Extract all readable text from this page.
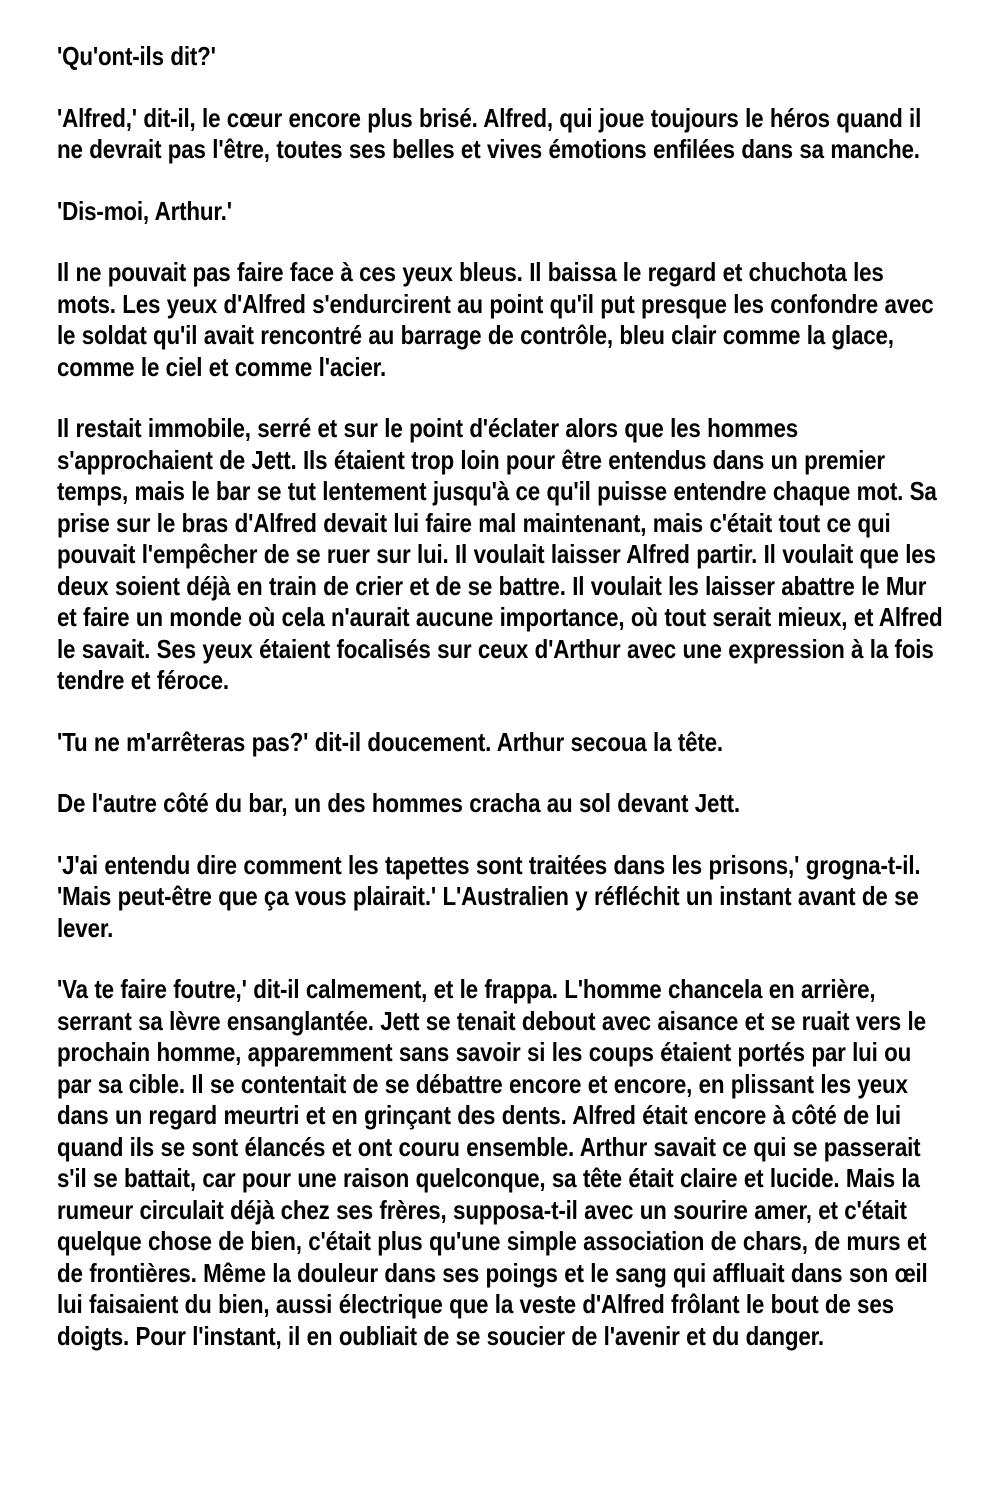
'Qu'ont-ils dit?'

'Alfred,' dit-il, le cœur encore plus brisé. Alfred, qui joue toujours le héros quand il ne devrait pas l'être, toutes ses belles et vives émotions enfilées dans sa manche.

'Dis-moi, Arthur.'

Il ne pouvait pas faire face à ces yeux bleus. Il baissa le regard et chuchota les mots. Les yeux d'Alfred s'endurcirent au point qu'il put presque les confondre avec le soldat qu'il avait rencontré au barrage de contrôle, bleu clair comme la glace, comme le ciel et comme l'acier.

Il restait immobile, serré et sur le point d'éclater alors que les hommes s'approchaient de Jett. Ils étaient trop loin pour être entendus dans un premier temps, mais le bar se tut lentement jusqu'à ce qu'il puisse entendre chaque mot. Sa prise sur le bras d'Alfred devait lui faire mal maintenant, mais c'était tout ce qui pouvait l'empêcher de se ruer sur lui. Il voulait laisser Alfred partir. Il voulait que les deux soient déjà en train de crier et de se battre. Il voulait les laisser abattre le Mur et faire un monde où cela n'aurait aucune importance, où tout serait mieux, et Alfred le savait. Ses yeux étaient focalisés sur ceux d'Arthur avec une expression à la fois tendre et féroce.

'Tu ne m'arrêteras pas?' dit-il doucement. Arthur secoua la tête.

De l'autre côté du bar, un des hommes cracha au sol devant Jett.

'J'ai entendu dire comment les tapettes sont traitées dans les prisons,' grogna-t-il. 'Mais peut-être que ça vous plairait.' L'Australien y réfléchit un instant avant de se lever.

'Va te faire foutre,' dit-il calmement, et le frappa. L'homme chancela en arrière, serrant sa lèvre ensanglantée. Jett se tenait debout avec aisance et se ruait vers le prochain homme, apparemment sans savoir si les coups étaient portés par lui ou par sa cible. Il se contentait de se débattre encore et encore, en plissant les yeux dans un regard meurtri et en grinçant des dents. Alfred était encore à côté de lui quand ils se sont élancés et ont couru ensemble. Arthur savait ce qui se passerait s'il se battait, car pour une raison quelconque, sa tête était claire et lucide. Mais la rumeur circulait déjà chez ses frères, supposa-t-il avec un sourire amer, et c'était quelque chose de bien, c'était plus qu'une simple association de chars, de murs et de frontières. Même la douleur dans ses poings et le sang qui affluait dans son œil lui faisaient du bien, aussi électrique que la veste d'Alfred frôlant le bout de ses doigts. Pour l'instant, il en oubliait de se soucier de l'avenir et du danger.
